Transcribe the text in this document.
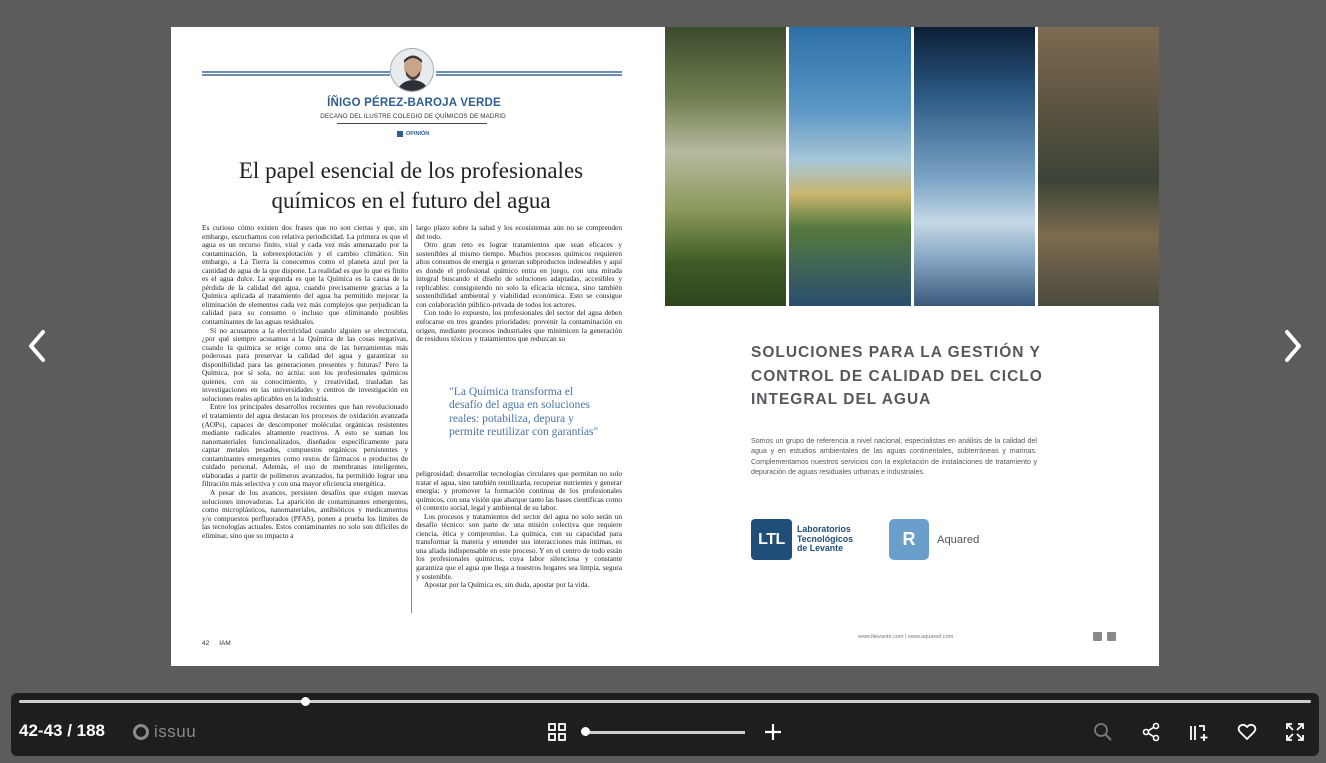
ÍÑIGO PÉREZ-BAROJA VERDE
DECANO DEL ILUSTRE COLEGIO DE QUÍMICOS DE MADRID
OPINIÓN
El papel esencial de los profesionales
químicos en el futuro del agua

Es curioso cómo existen dos frases que no son ciertas y que, sin embargo, escuchamos con relativa periodicidad. La primera es que el agua es un recurso finito, vital y cada vez más amenazado por la contaminación, la sobreexplotación y el cambio climático. Sin embargo, a La Tierra la conocemos como el planeta azul por la cantidad de agua de la que dispone. La realidad es que lo que es finito es el agua dulce. La segunda es que la Química es la causa de la pérdida de la calidad del agua, cuando precisamente gracias a la Química aplicada al tratamiento del agua ha permitido mejorar la eliminación de elementos cada vez más complejos que perjudican la calidad para su consumo o incluso que eliminando posibles contaminantes de las aguas residuales.

Si no acusamos a la electricidad cuando alguien se electrocuta, ¿por qué siempre acusamos a la Química de las cosas negativas, cuando la química se erige como una de las herramientas más poderosas para preservar la calidad del agua y garantizar su disponibilidad para las generaciones presentes y futuras? Pero la Química, por sí sola, no actúa: son los profesionales químicos quienes, con su conocimiento, y creatividad, trasladan las investigaciones en las universidades y centros de investigación en soluciones reales aplicables en la industria.

Entre los principales desarrollos recientes que han revolucionado el tratamiento del agua destacan los procesos de oxidación avanzada (AOPs), capaces de descomponer moléculas orgánicas resistentes mediante radicales altamente reactivos. A esto se suman los nanomateriales funcionalizados, diseñados específicamente para captar metales pesados, compuestos orgánicos persistentes y contaminantes emergentes como restos de fármacos o productos de cuidado personal. Además, el uso de membranas inteligentes, elaboradas a partir de polímeros avanzados, ha permitido lograr una filtración más selectiva y con una mayor eficiencia energética.

A pesar de los avances, persisten desafíos que exigen nuevas soluciones innovadoras. La aparición de contaminantes emergentes, como microplásticos, nanomateriales, antibióticos y medicamentos y/o compuestos perfluorados (PFAS), ponen a prueba los límites de las tecnologías actuales. Estos contaminantes no solo son difíciles de eliminar, sino que su impacto a

largo plazo sobre la salud y los ecosistemas aún no se comprenden del todo.

Otro gran reto es lograr tratamientos que sean eficaces y sostenibles al mismo tiempo. Muchos procesos químicos requieren altos consumos de energía o generan subproductos indeseables y aquí es donde el profesional químico entra en juego, con una mirada integral buscando el diseño de soluciones adaptadas, accesibles y replicables: consiguiendo no solo la eficacia técnica, sino también sostenibilidad ambiental y viabilidad económica. Esto se consigue con colaboración público-privada de todos los actores.

Con todo lo expuesto, los profesionales del sector del agua deben enfocarse en tres grandes prioridades: prevenir la contaminación en origen, mediante procesos industriales que minimicen la generación de residuos tóxicos y tratamientos que reduzcan su

"La Química transforma el desafío del agua en soluciones reales: potabiliza, depura y permite reutilizar con garantías"

peligrosidad; desarrollar tecnologías circulares que permitan no solo tratar el agua, sino también reutilizarla, recuperar nutrientes y generar energía; y promover la formación continua de los profesionales químicos, con una visión que abarque tanto las bases científicas como el contexto social, legal y ambiental de su labor.

Los procesos y tratamientos del sector del agua no solo serán un desafío técnico: son parte de una misión colectiva que requiere ciencia, ética y compromiso. La química, con su capacidad para transformar la materia y entender sus interacciones más íntimas, es una aliada indispensable en este proceso. Y en el centro de todo están los profesionales químicos, cuya labor silenciosa y constante garantiza que el agua que llega a nuestros hogares sea limpia, segura y sostenible.

Apostar por la Química es, sin duda, apostar por la vida.

42 IAM
SOLUCIONES PARA LA GESTIÓN Y
CONTROL DE CALIDAD DEL CICLO
INTEGRAL DEL AGUA
Somos un grupo de referencia a nivel nacional, especialistas en análisis de la calidad del agua y en estudios ambientales de las aguas continentales, subterráneas y marinas. Complementamos nuestros servicios con la explotación de instalaciones de tratamiento y depuración de aguas residuales urbanas e industriales.
LTL
Laboratorios
Tecnológicos
de Levante	R	Aquared
www.ltlevante.com | www.aquared.com
42-43 / 188	issuu
